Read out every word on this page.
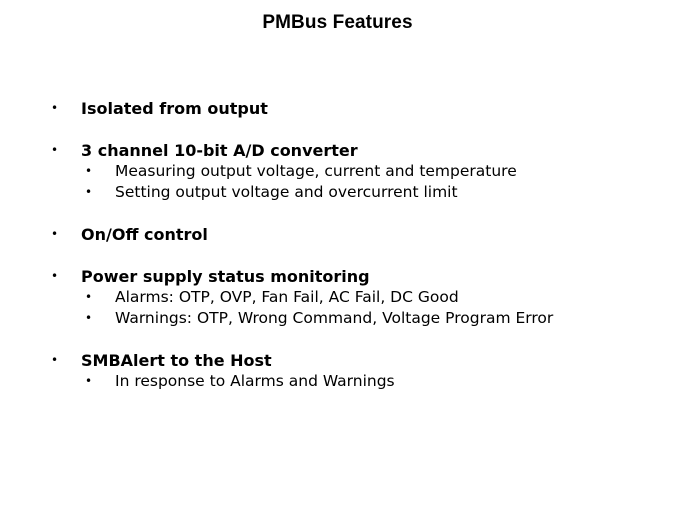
PMBus Features
• Isolated from output
• 3 channel 10-bit A/D converter
• Measuring output voltage, current and temperature
• Setting output voltage and overcurrent limit
• On/Off control
• Power supply status monitoring
• Alarms: OTP, OVP, Fan Fail, AC Fail, DC Good
• Warnings: OTP, Wrong Command, Voltage Program Error
• SMBAlert to the Host
• In response to Alarms and Warnings
